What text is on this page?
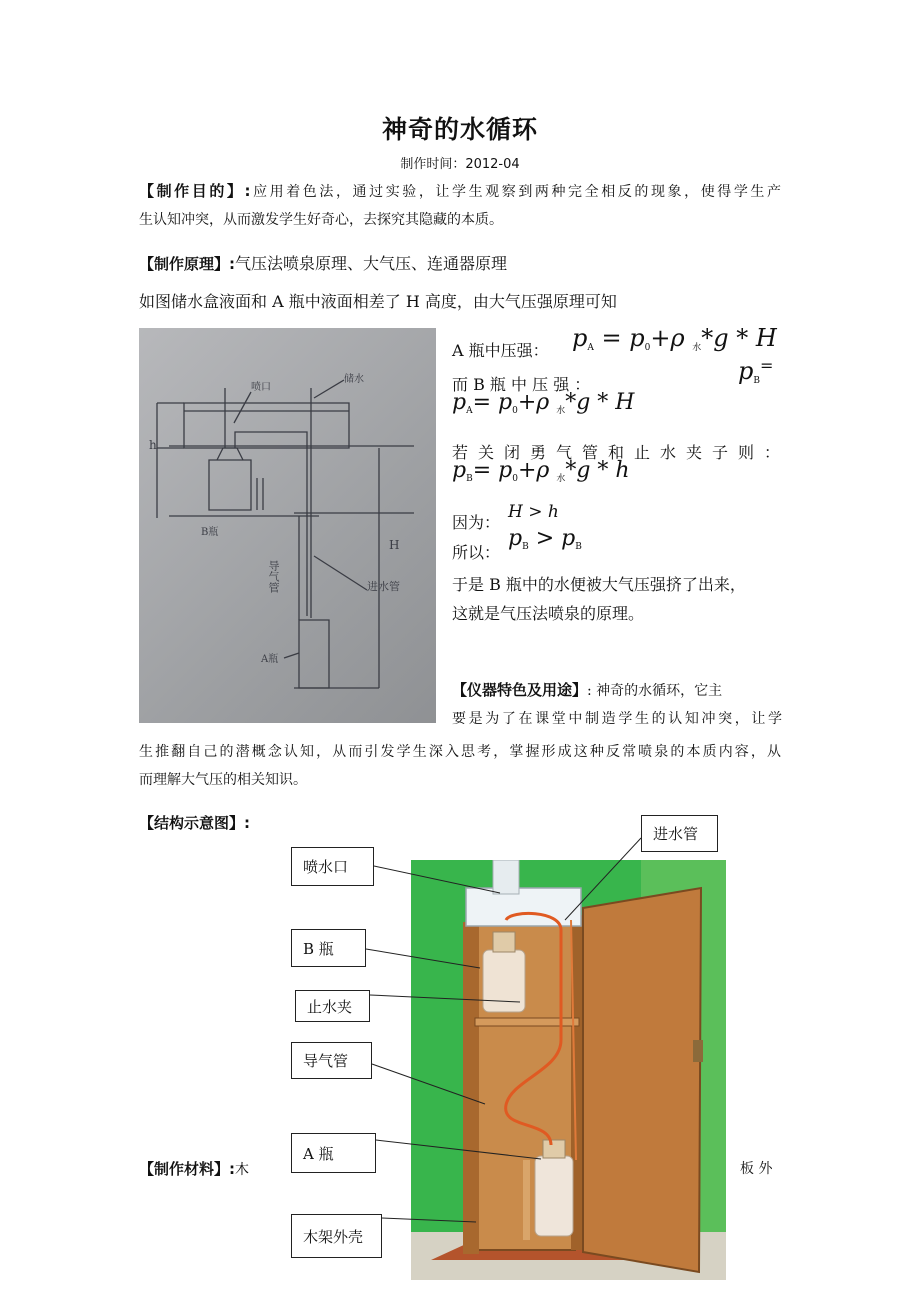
神奇的水循环
制作时间：2012-04
【制作目的】:应用着色法，通过实验，让学生观察到两种完全相反的现象，使得学生产
生认知冲突，从而激发学生好奇心，去探究其隐藏的本质。
【制作原理】:气压法喷泉原理、大气压、连通器原理
如图储水盒液面和 A 瓶中液面相差了 H 高度，由大气压强原理可知
喷口
储水
B瓶
导气管	进水管
A瓶
H
h
A 瓶中压强： $p_A = p_0+\rho$ $_水$*g * H
而 B 瓶 中 压 强 ：	$p_B^=$
$p_A= p_0+\rho$ $_水$*g * H
若关闭勇气管和止水夹子则：
$p_B= p_0+\rho$ $_水$*g * h
因为：
H > h
所以：
$p_B > p_B$
于是 B 瓶中的水便被大气压强挤了出来，
这就是气压法喷泉的原理。
【仪器特色及用途】: 神奇的水循环，它主
要是为了在课堂中制造学生的认知冲突，让学
生推翻自己的潜概念认知，从而引发学生深入思考，掌握形成这种反常喷泉的本质内容，从
而理解大气压的相关知识。
【结构示意图】:
进水管
喷水口
B 瓶
止水夹
导气管
A 瓶
木架外壳
【制作材料】:木	板 外
